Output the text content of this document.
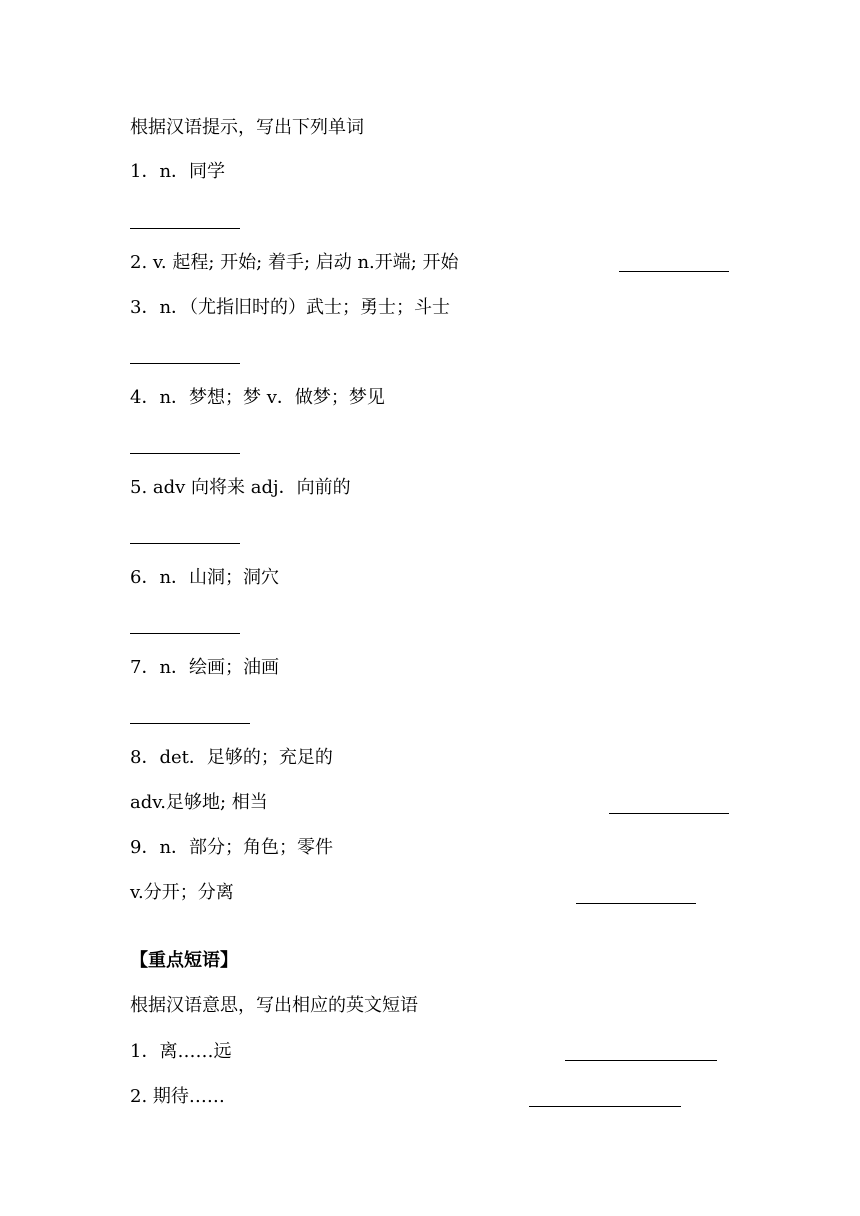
根据汉语提示，写出下列单词
1．n．同学
2. v. 起程; 开始; 着手; 启动 n.开端; 开始
3．n．（尤指旧时的）武士；勇士；斗士
4．n．梦想；梦 v．做梦；梦见
5. adv 向将来 adj．向前的
6．n．山洞；洞穴
7．n．绘画；油画
8．det．足够的；充足的
adv.足够地; 相当
9．n．部分；角色；零件
v.分开；分离
【重点短语】
根据汉语意思，写出相应的英文短语
1．离……远
2. 期待……
